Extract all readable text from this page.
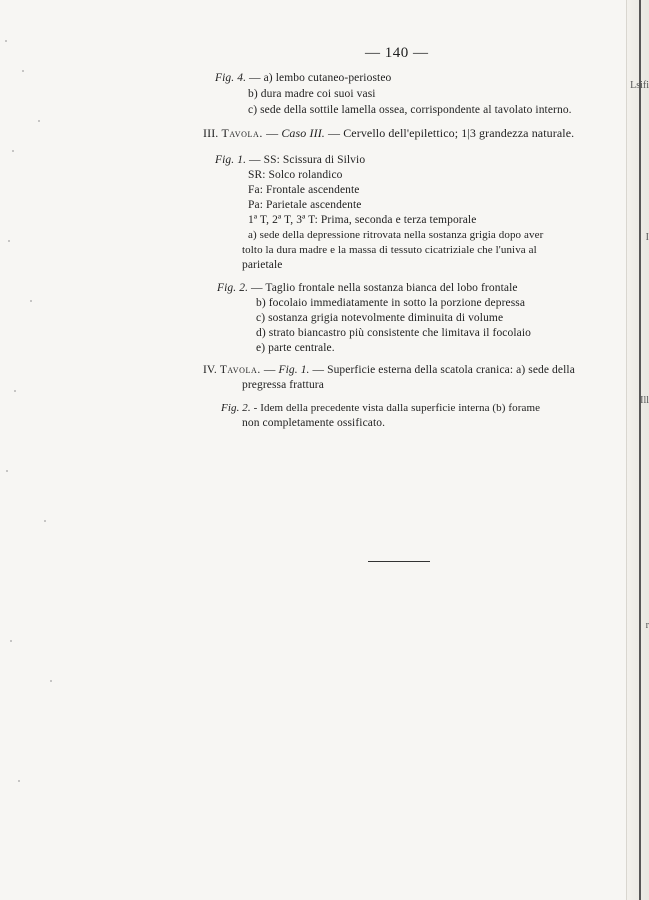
— 140 —
Fig. 4. — a) lembo cutaneo-periosteo
b) dura madre coi suoi vasi
c) sede della sottile lamella ossea, corrispondente al tavolato interno.
III. Tavola. — Caso III. — Cervello dell'epilettico; 1|3 grandezza naturale.
Fig. 1. — SS: Scissura di Silvio
SR: Solco rolandico
Fa: Frontale ascendente
Pa: Parietale ascendente
1ª T, 2ª T, 3ª T: Prima, seconda e terza temporale
a) sede della depressione ritrovata nella sostanza grigia dopo aver
tolto la dura madre e la massa di tessuto cicatriziale che l'univa al
parietale
Fig. 2. — Taglio frontale nella sostanza bianca del lobo frontale
b) focolaio immediatamente in sotto la porzione depressa
c) sostanza grigia notevolmente diminuita di volume
d) strato biancastro più consistente che limitava il focolaio
e) parte centrale.
IV. Tavola. — Fig. 1. — Superficie esterna della scatola cranica: a) sede della
pregressa frattura
Fig. 2. - Idem della precedente vista dalla superficie interna (b) forame
non completamente ossificato.
Lsifi
I
Ill
r
